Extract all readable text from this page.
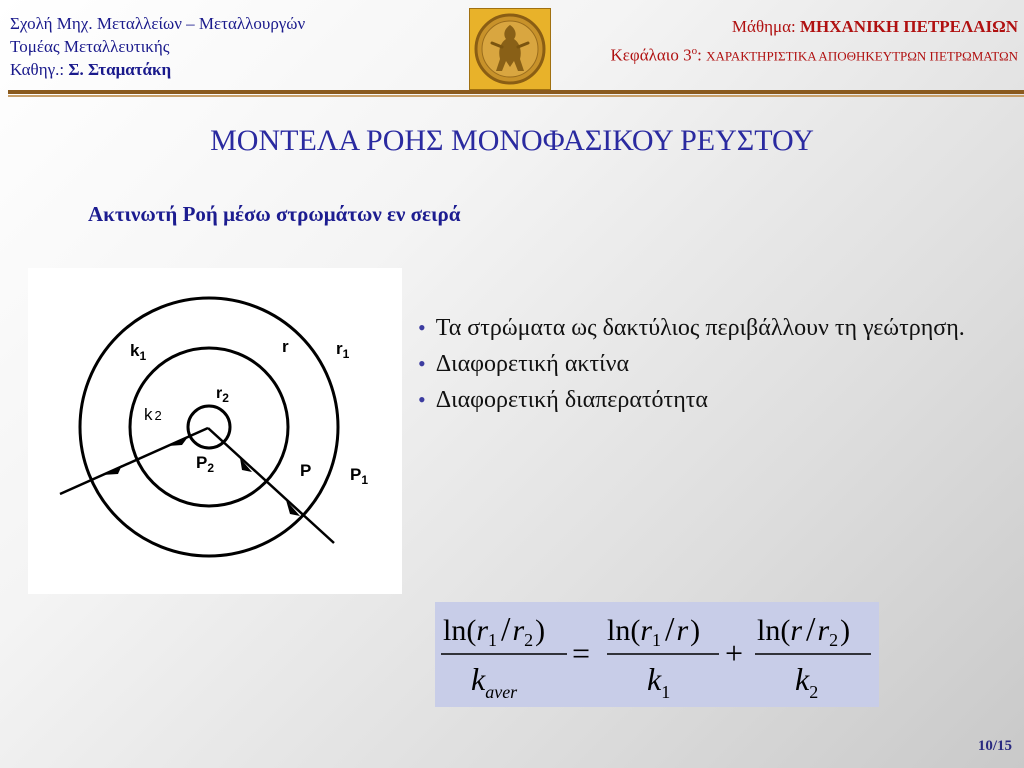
Σχολή Μηχ. Μεταλλείων – Μεταλλουργών
Τομέας Μεταλλευτικής
Καθηγ.: Σ. Σταματάκη
Μάθημα: ΜΗΧΑΝΙΚΗ ΠΕΤΡΕΛΑΙΩΝ
Κεφάλαιο $3^o$: ΧΑΡΑΚΤΗΡΙΣΤΙΚΑ ΑΠΟΘΗΚΕΥΤΡΩΝ ΠΕΤΡΩΜΑΤΩΝ
ΜΟΝΤΕΛΑ ΡΟΗΣ ΜΟΝΟΦΑΣΙΚΟΥ ΡΕΥΣΤΟΥ
Ακτινωτή Ροή μέσω στρωμάτων εν σειρά
$k_1$	r	$r_1$
$r_2$
k 2
$P_2$	P $P_1$

• Τα στρώματα ως δακτύλιος περιβάλλουν τη γεώτρηση.

• Διαφορετική ακτίνα

• Διαφορετική διαπερατότητα

$\ln(r_1$ $/r_2$)
$k_{aver}$
=
$\ln(r_1$ /r)
$k_1$
+
ln(r $/r_2$)
$k_2$
10/15
